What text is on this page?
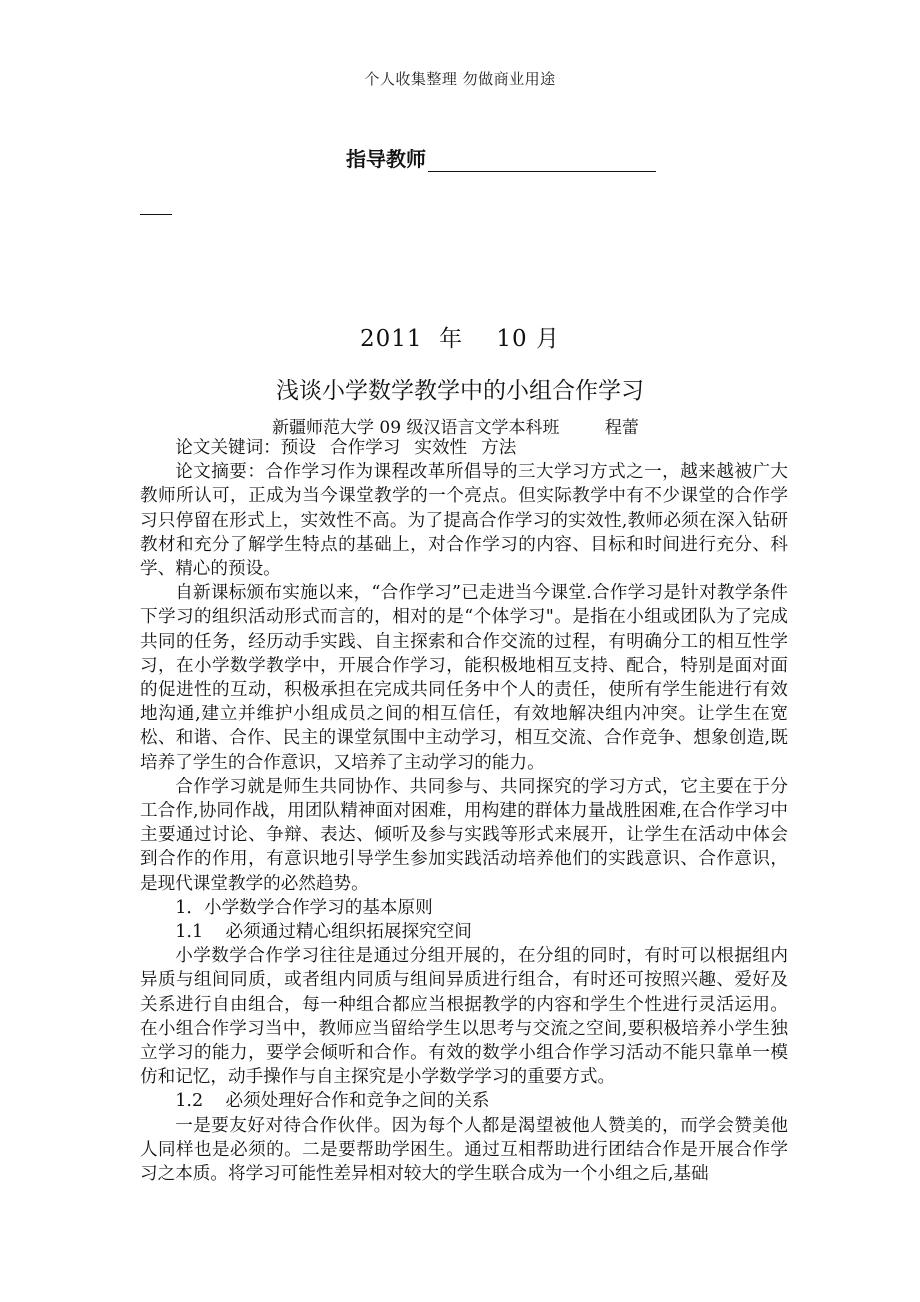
个人收集整理 勿做商业用途
指导教师
2011  年    10 月
浅谈小学数学教学中的小组合作学习
新疆师范大学 09 级汉语言文学本科班	程蕾

论文关键词：预设 合作学习 实效性 方法

论文摘要：合作学习作为课程改革所倡导的三大学习方式之一，越来越被广大教师所认可，正成为当今课堂教学的一个亮点。但实际教学中有不少课堂的合作学习只停留在形式上，实效性不高。为了提高合作学习的实效性,教师必须在深入钻研教材和充分了解学生特点的基础上，对合作学习的内容、目标和时间进行充分、科学、精心的预设。

自新课标颁布实施以来，“合作学习”已走进当今课堂.合作学习是针对教学条件下学习的组织活动形式而言的，相对的是“个体学习"。是指在小组或团队为了完成共同的任务，经历动手实践、自主探索和合作交流的过程，有明确分工的相互性学习，在小学数学教学中，开展合作学习，能积极地相互支持、配合，特别是面对面的促进性的互动，积极承担在完成共同任务中个人的责任，使所有学生能进行有效地沟通,建立并维护小组成员之间的相互信任，有效地解决组内冲突。让学生在宽松、和谐、合作、民主的课堂氛围中主动学习，相互交流、合作竞争、想象创造,既培养了学生的合作意识，又培养了主动学习的能力。

合作学习就是师生共同协作、共同参与、共同探究的学习方式，它主要在于分工合作,协同作战，用团队精神面对困难，用构建的群体力量战胜困难,在合作学习中主要通过讨论、争辩、表达、倾听及参与实践等形式来展开，让学生在活动中体会到合作的作用，有意识地引导学生参加实践活动培养他们的实践意识、合作意识，是现代课堂教学的必然趋势。

1．小学数学合作学习的基本原则

1.1    必须通过精心组织拓展探究空间

小学数学合作学习往往是通过分组开展的，在分组的同时，有时可以根据组内异质与组间同质，或者组内同质与组间异质进行组合，有时还可按照兴趣、爱好及关系进行自由组合，每一种组合都应当根据教学的内容和学生个性进行灵活运用。在小组合作学习当中，教师应当留给学生以思考与交流之空间,要积极培养小学生独立学习的能力，要学会倾听和合作。有效的数学小组合作学习活动不能只靠单一模仿和记忆，动手操作与自主探究是小学数学学习的重要方式。

1.2    必须处理好合作和竞争之间的关系

一是要友好对待合作伙伴。因为每个人都是渴望被他人赞美的，而学会赞美他人同样也是必须的。二是要帮助学困生。通过互相帮助进行团结合作是开展合作学习之本质。将学习可能性差异相对较大的学生联合成为一个小组之后,基础
